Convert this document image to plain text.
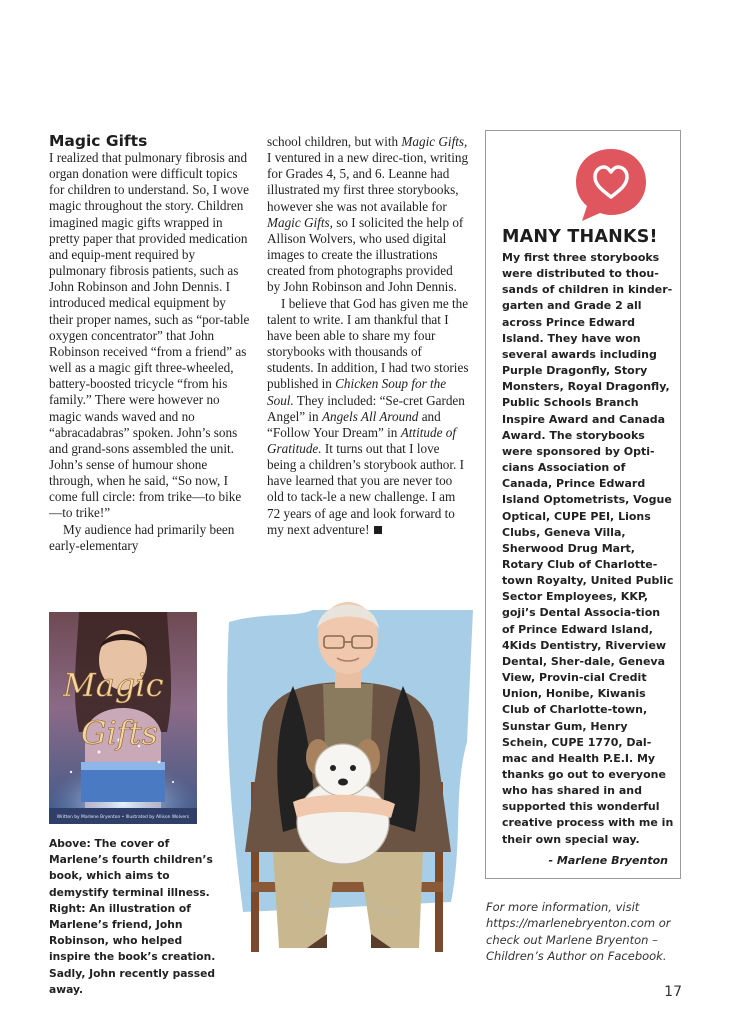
Magic Gifts

I realized that pulmonary fibrosis and organ donation were difficult topics for children to understand. So, I wove magic throughout the story. Children imagined magic gifts wrapped in pretty paper that provided medication and equip-ment required by pulmonary fibrosis patients, such as John Robinson and John Dennis. I introduced medical equipment by their proper names, such as “por-table oxygen concentrator” that John Robinson received “from a friend” as well as a magic gift three-wheeled, battery-boosted tricycle “from his family.” There were however no magic wands waved and no “abracadabras” spoken. John’s sons and grand-sons assembled the unit. John’s sense of humour shone through, when he said, “So now, I come full circle: from trike—to bike—to trike!”

My audience had primarily been early-elementary

school children, but with Magic Gifts, I ventured in a new direc-tion, writing for Grades 4, 5, and 6. Leanne had illustrated my first three storybooks, however she was not available for Magic Gifts, so I solicited the help of Allison Wolvers, who used digital images to create the illustrations created from photographs provided by John Robinson and John Dennis.

I believe that God has given me the talent to write. I am thankful that I have been able to share my four storybooks with thousands of students. In addition, I had two stories published in Chicken Soup for the Soul. They included: “Se-cret Garden Angel” in Angels All Around and “Follow Your Dream” in Attitude of Gratitude. It turns out that I love being a children’s storybook author. I have learned that you are never too old to tack-le a new challenge. I am 72 years of age and look forward to my next adventure!

MANY THANKS!
My first three storybooks were distributed to thou-sands of children in kinder-garten and Grade 2 all across Prince Edward Island. They have won several awards including Purple Dragonfly, Story Monsters, Royal Dragonfly, Public Schools Branch Inspire Award and Canada Award. The storybooks were sponsored by Opti-cians Association of Canada, Prince Edward Island Optometrists, Vogue Optical, CUPE PEI, Lions Clubs, Geneva Villa, Sherwood Drug Mart, Rotary Club of Charlotte-town Royalty, United Public Sector Employees, KKP, goji’s Dental Associa-tion of Prince Edward Island, 4Kids Dentistry, Riverview Dental, Sher-dale, Geneva View, Provin-cial Credit Union, Honibe, Kiwanis Club of Charlotte-town, Sunstar Gum, Henry Schein, CUPE 1770, Dal-mac and Health P.E.I. My thanks go out to everyone who has shared in and supported this wonderful creative process with me in their own special way.
- Marlene Bryenton
For more information, visit https://marlenebryenton.com or check out Marlene Bryenton – Children’s Author on Facebook.
Magic
Gifts
Written by Marlene Bryenton • Illustrated by Allison Wolvers
Above: The cover of Marlene’s fourth children’s book, which aims to demystify terminal illness. Right: An illustration of Marlene’s friend, John Robinson, who helped inspire the book’s creation. Sadly, John recently passed away.	17
